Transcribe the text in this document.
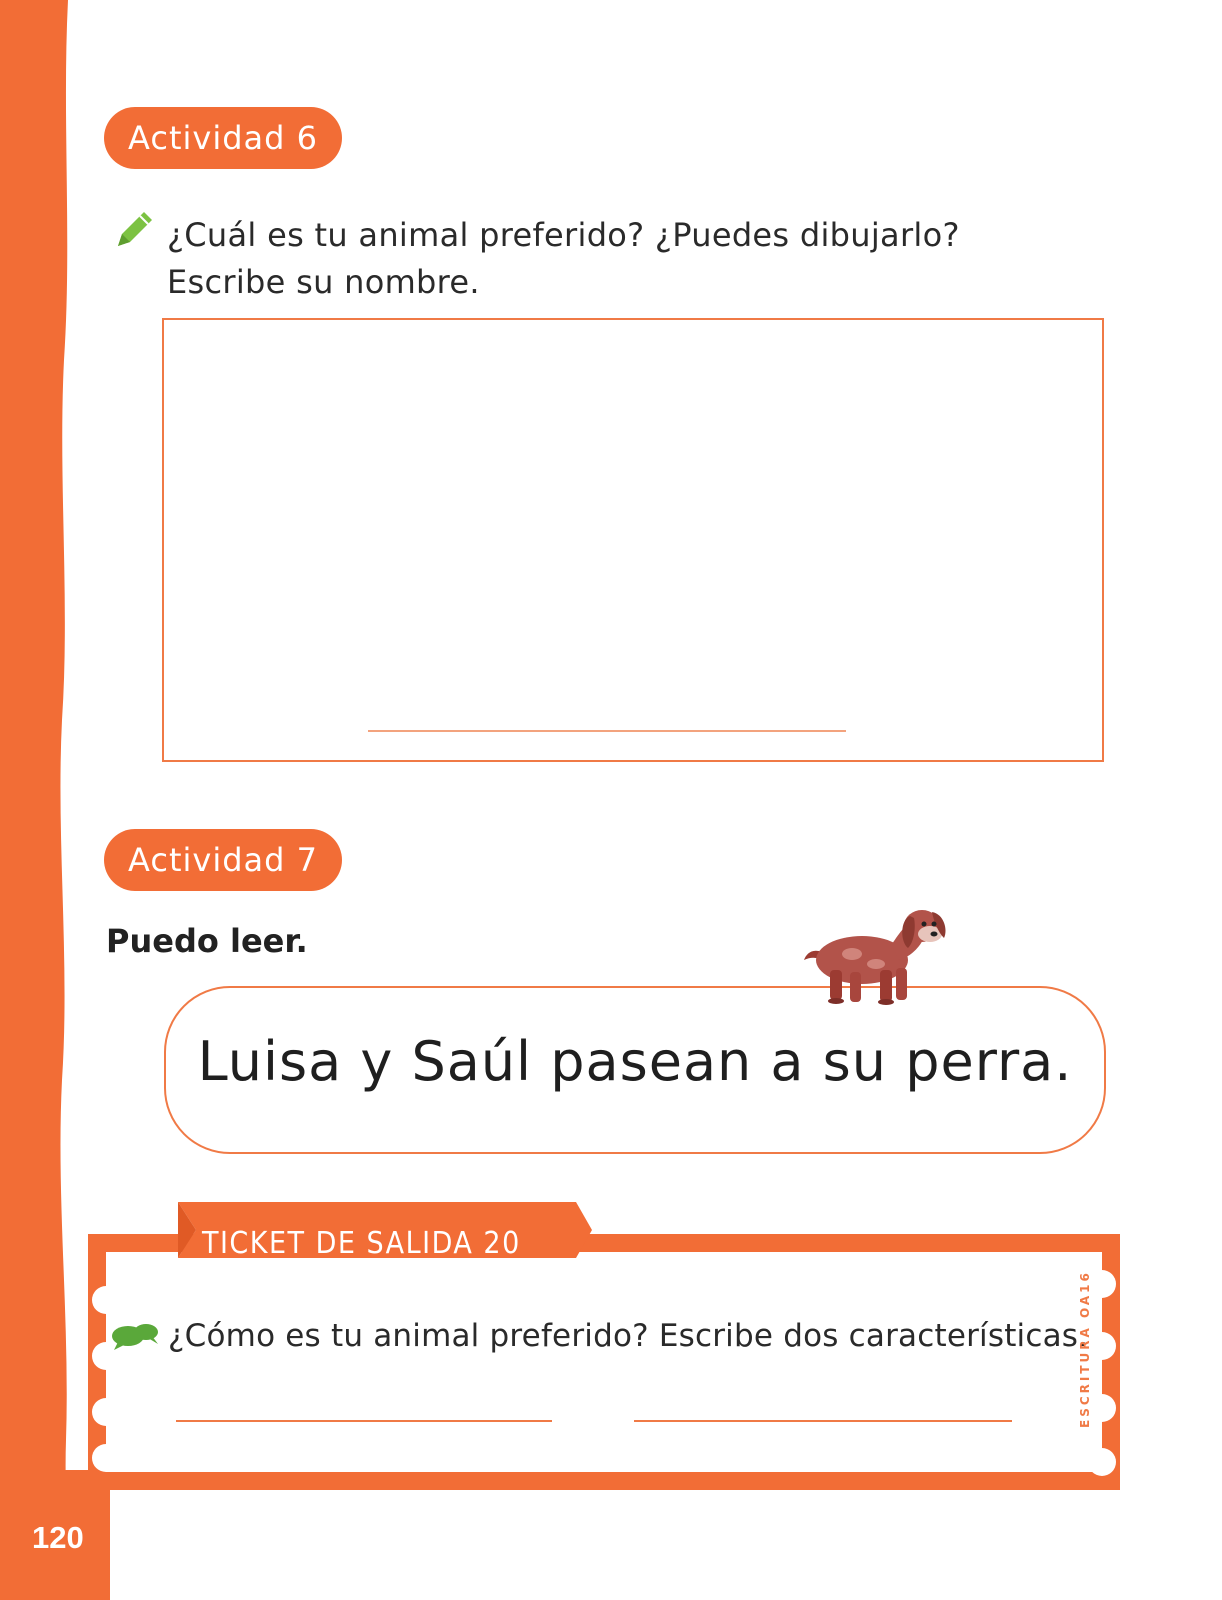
120
Actividad 6
¿Cuál es tu animal preferido? ¿Puedes dibujarlo?
Escribe su nombre.
Actividad 7
Puedo leer.
Luisa y Saúl pasean a su perra.
TICKET DE SALIDA 20
¿Cómo es tu animal preferido? Escribe dos características.
ESCRITURA OA16
